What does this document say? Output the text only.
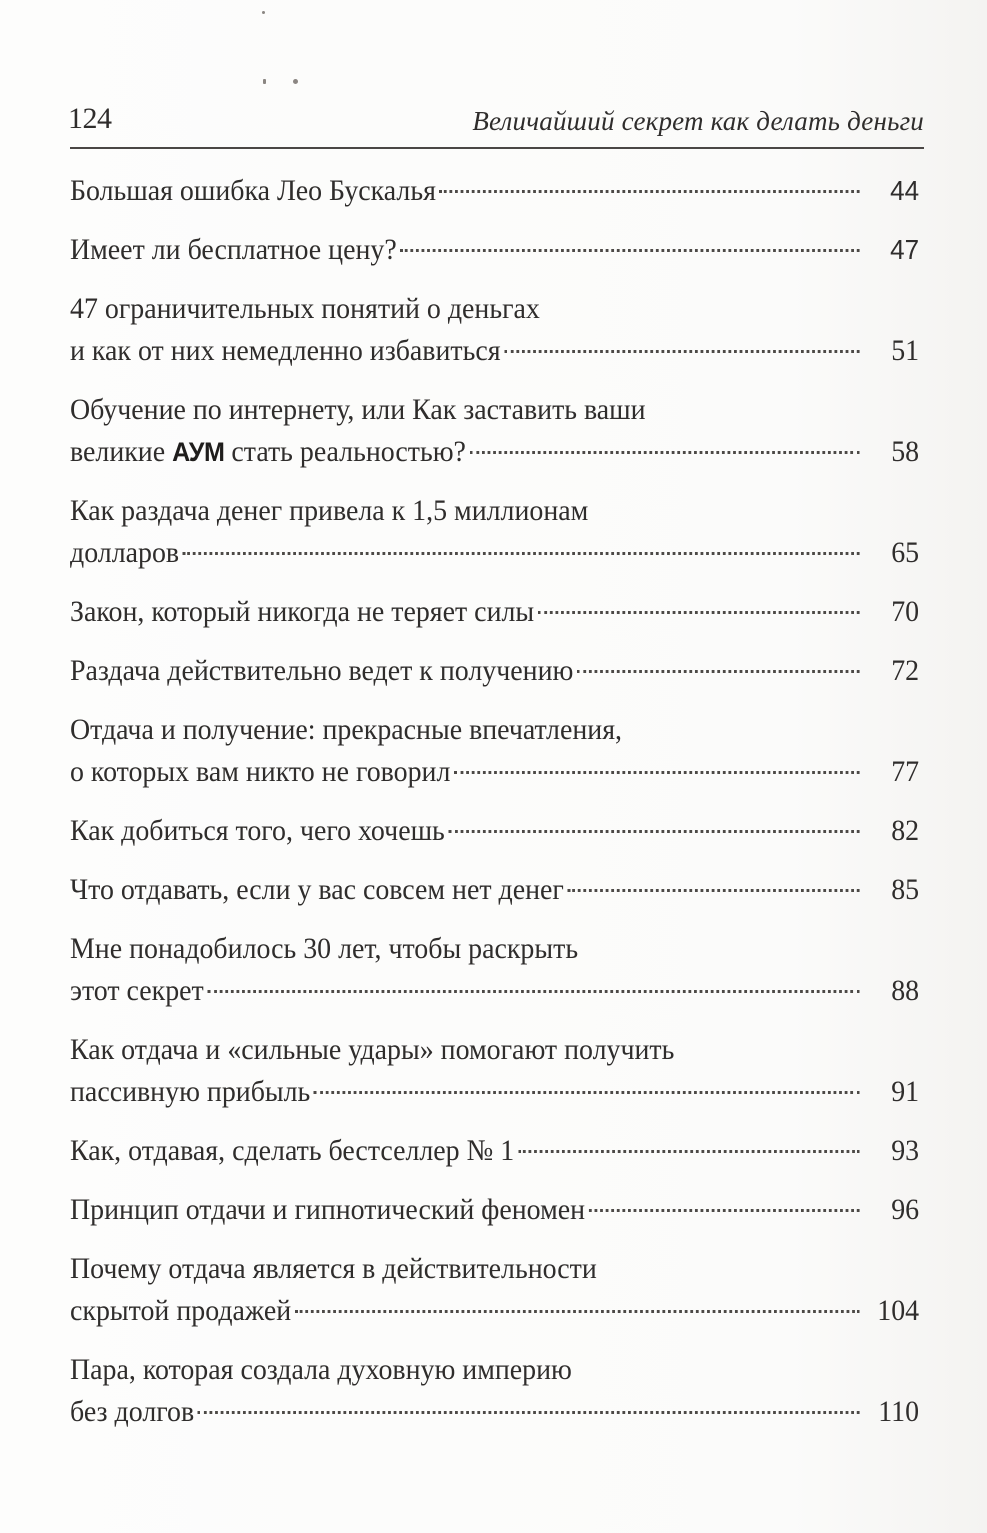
124	Величайший секрет как делать деньги
Большая ошибка Лео Бускалья	44
Имеет ли бесплатное цену?	47
47 ограничительных понятий о деньгах
и как от них немедленно избавиться	51
Обучение по интернету, или Как заставить ваши
великие АУМ стать реальностью?	58
Как раздача денег привела к 1,5 миллионам
долларов	65
Закон, который никогда не теряет силы	70
Раздача действительно ведет к получению	72
Отдача и получение: прекрасные впечатления,
о которых вам никто не говорил	77
Как добиться того, чего хочешь	82
Что отдавать, если у вас совсем нет денег	85
Мне понадобилось 30 лет, чтобы раскрыть
этот секрет	88
Как отдача и «сильные удары» помогают получить
пассивную прибыль	91
Как, отдавая, сделать бестселлер № 1	93
Принцип отдачи и гипнотический феномен	96
Почему отдача является в действительности
скрытой продажей	104
Пара, которая создала духовную империю
без долгов	110
